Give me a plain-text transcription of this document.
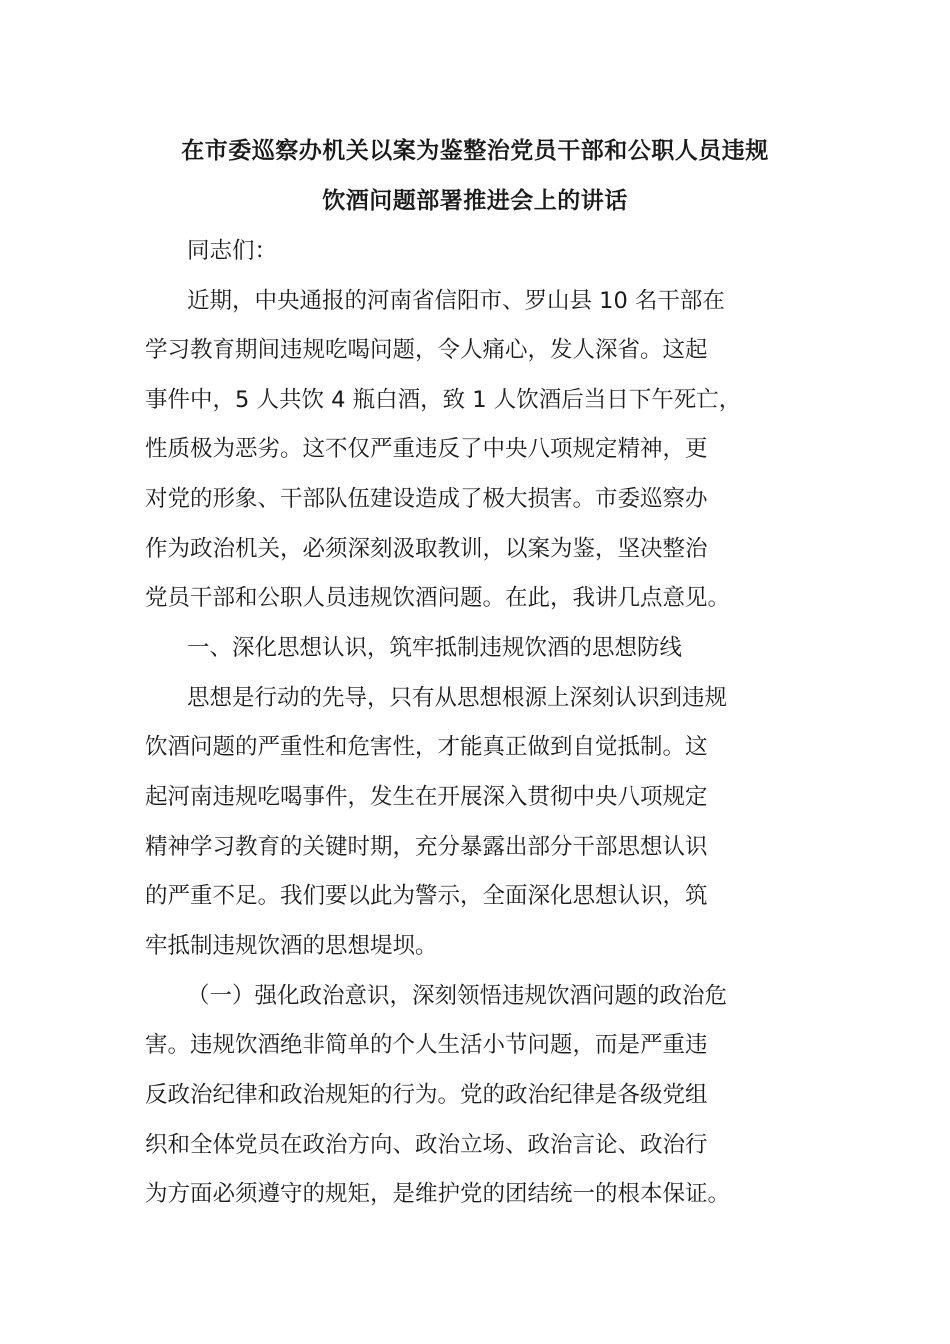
在市委巡察办机关以案为鉴整治党员干部和公职人员违规
饮酒问题部署推进会上的讲话
同志们：
近期，中央通报的河南省信阳市、罗山县 10 名干部在
学习教育期间违规吃喝问题，令人痛心，发人深省。这起
事件中，5 人共饮 4 瓶白酒，致 1 人饮酒后当日下午死亡，
性质极为恶劣。这不仅严重违反了中央八项规定精神，更
对党的形象、干部队伍建设造成了极大损害。市委巡察办
作为政治机关，必须深刻汲取教训，以案为鉴，坚决整治
党员干部和公职人员违规饮酒问题。在此，我讲几点意见。
一、深化思想认识，筑牢抵制违规饮酒的思想防线
思想是行动的先导，只有从思想根源上深刻认识到违规
饮酒问题的严重性和危害性，才能真正做到自觉抵制。这
起河南违规吃喝事件，发生在开展深入贯彻中央八项规定
精神学习教育的关键时期，充分暴露出部分干部思想认识
的严重不足。我们要以此为警示，全面深化思想认识，筑
牢抵制违规饮酒的思想堤坝。
（一）强化政治意识，深刻领悟违规饮酒问题的政治危
害。违规饮酒绝非简单的个人生活小节问题，而是严重违
反政治纪律和政治规矩的行为。党的政治纪律是各级党组
织和全体党员在政治方向、政治立场、政治言论、政治行
为方面必须遵守的规矩，是维护党的团结统一的根本保证。
